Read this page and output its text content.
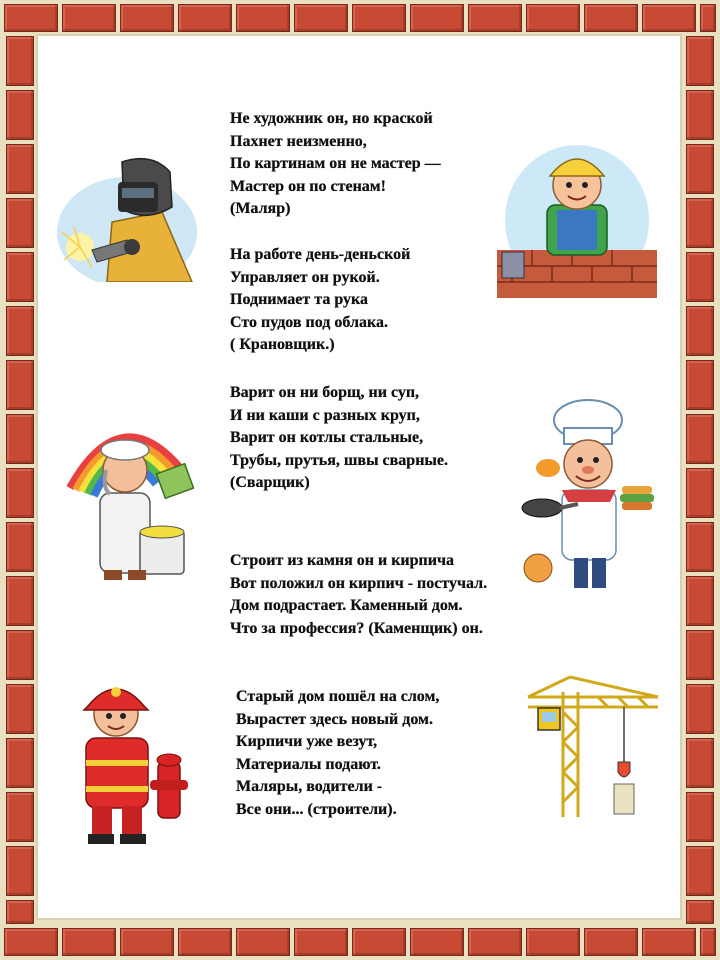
Не художник он, но краской
Пахнет неизменно,
По картинам он не мастер —
Мастер он по стенам!
(Маляр)
На работе день-деньской
Управляет он рукой.
Поднимает та рука
Сто пудов под облака.
( Крановщик.)
Варит он ни борщ, ни суп,
И ни каши с разных круп,
Варит он котлы стальные,
Трубы, прутья, швы сварные.
(Сварщик)
Строит из камня он и кирпича
Вот положил он кирпич - постучал.
Дом подрастает. Каменный дом.
Что за профессия? (Каменщик) он.
Старый дом пошёл на слом,
Вырастет здесь новый дом.
Кирпичи уже везут,
Материалы подают.
Маляры, водители -
Все они... (строители).
